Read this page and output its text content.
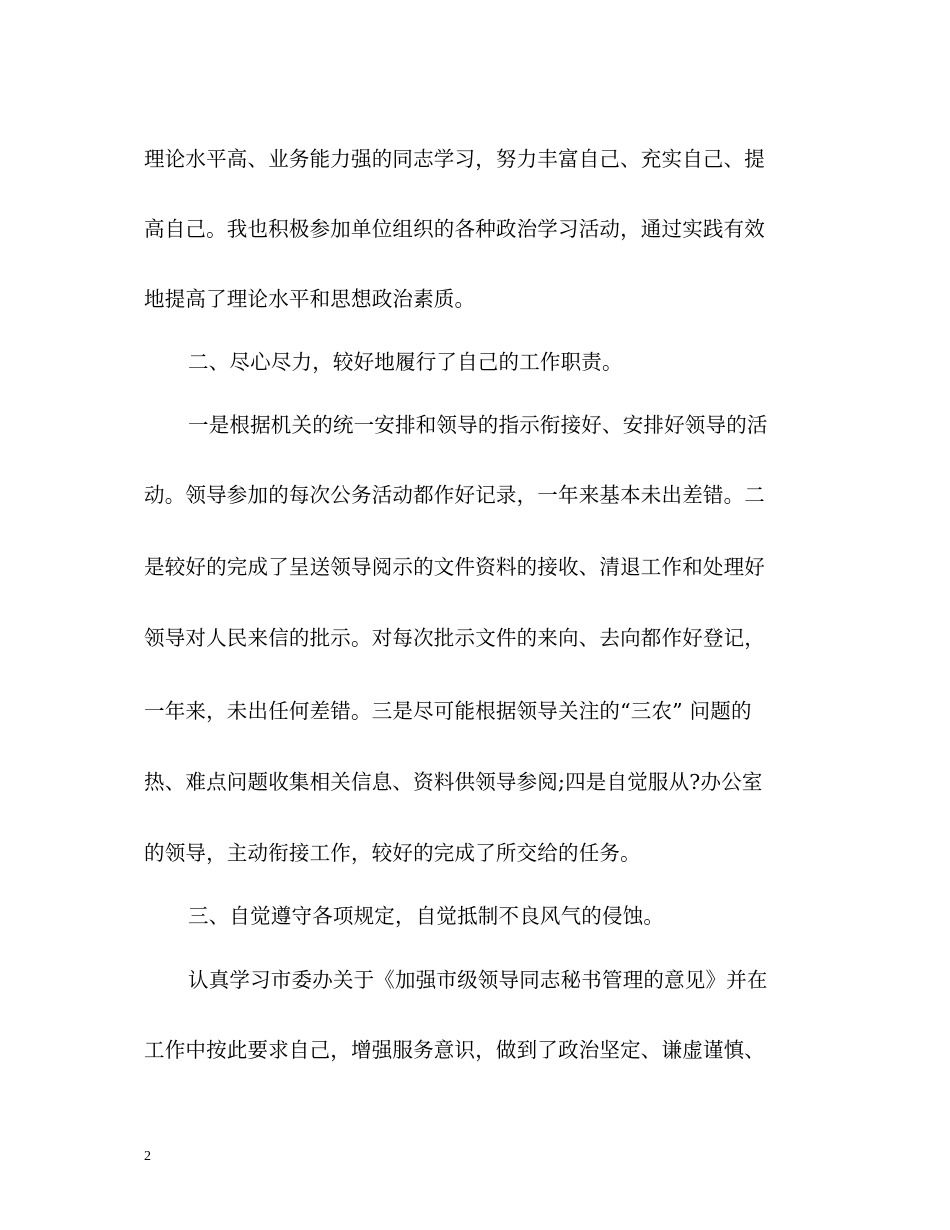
理论水平高、业务能力强的同志学习，努力丰富自己、充实自己、提
高自己。我也积极参加单位组织的各种政治学习活动，通过实践有效
地提高了理论水平和思想政治素质。
二、尽心尽力，较好地履行了自己的工作职责。
一是根据机关的统一安排和领导的指示衔接好、安排好领导的活
动。领导参加的每次公务活动都作好记录，一年来基本未出差错。二
是较好的完成了呈送领导阅示的文件资料的接收、清退工作和处理好
领导对人民来信的批示。对每次批示文件的来向、去向都作好登记，
一年来，未出任何差错。三是尽可能根据领导关注的“三农” 问题的
热、难点问题收集相关信息、资料供领导参阅;四是自觉服从?办公室
的领导，主动衔接工作，较好的完成了所交给的任务。
三、自觉遵守各项规定，自觉抵制不良风气的侵蚀。
认真学习市委办关于《加强市级领导同志秘书管理的意见》并在
工作中按此要求自己，增强服务意识，做到了政治坚定、谦虚谨慎、
2
